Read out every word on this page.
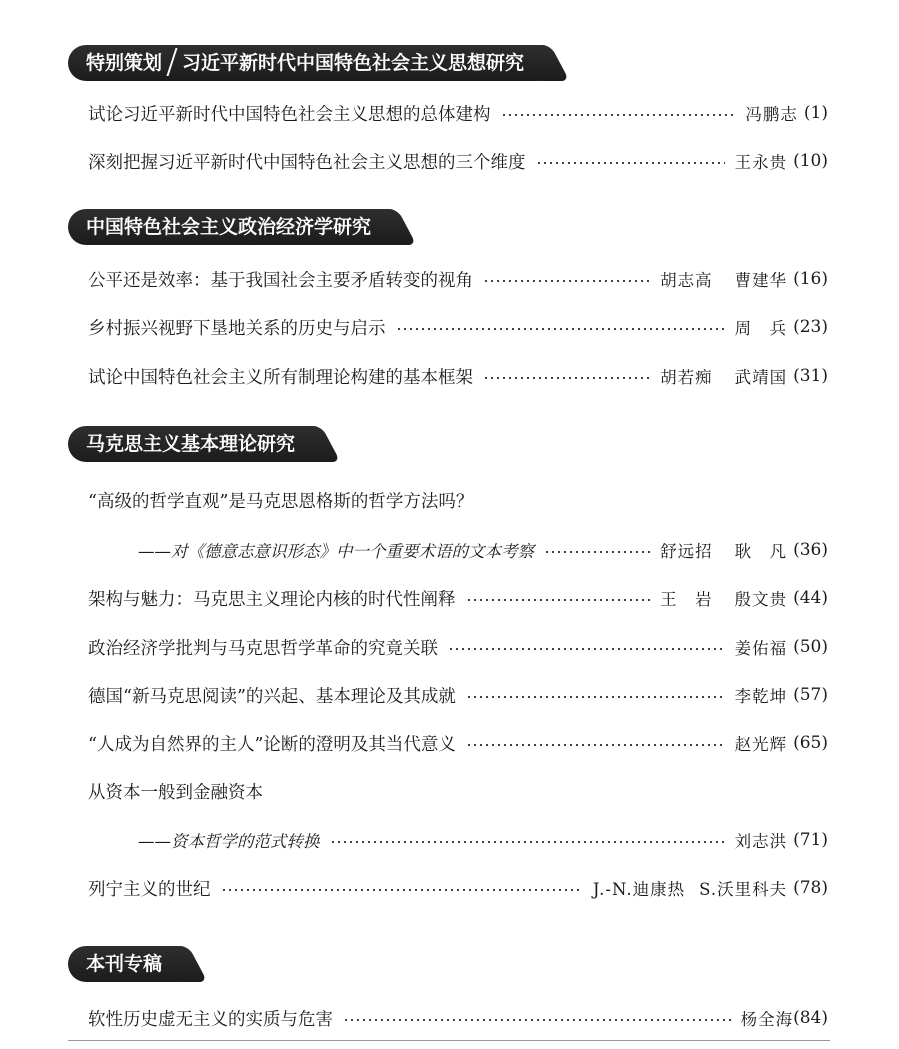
特别策划 习近平新时代中国特色社会主义思想研究
试论习近平新时代中国特色社会主义思想的总体建构	冯鹏志 (1)
深刻把握习近平新时代中国特色社会主义思想的三个维度	王永贵 (10)
中国特色社会主义政治经济学研究
公平还是效率：基于我国社会主要矛盾转变的视角	胡志高 曹建华 (16)
乡村振兴视野下垦地关系的历史与启示	周　兵 (23)
试论中国特色社会主义所有制理论构建的基本框架	胡若痴 武靖国 (31)
马克思主义基本理论研究
“高级的哲学直观”是马克思恩格斯的哲学方法吗？
——对《德意志意识形态》中一个重要术语的文本考察	舒远招 耿　凡 (36)
架构与魅力：马克思主义理论内核的时代性阐释	王　岩 殷文贵 (44)
政治经济学批判与马克思哲学革命的究竟关联	姜佑福 (50)
德国“新马克思阅读”的兴起、基本理论及其成就	李乾坤 (57)
“人成为自然界的主人”论断的澄明及其当代意义	赵光辉 (65)
从资本一般到金融资本
——资本哲学的范式转换	刘志洪 (71)
列宁主义的世纪	J.-N.迪康热 S.沃里科夫 (78)
本刊专稿
软性历史虚无主义的实质与危害	杨全海 (84)
